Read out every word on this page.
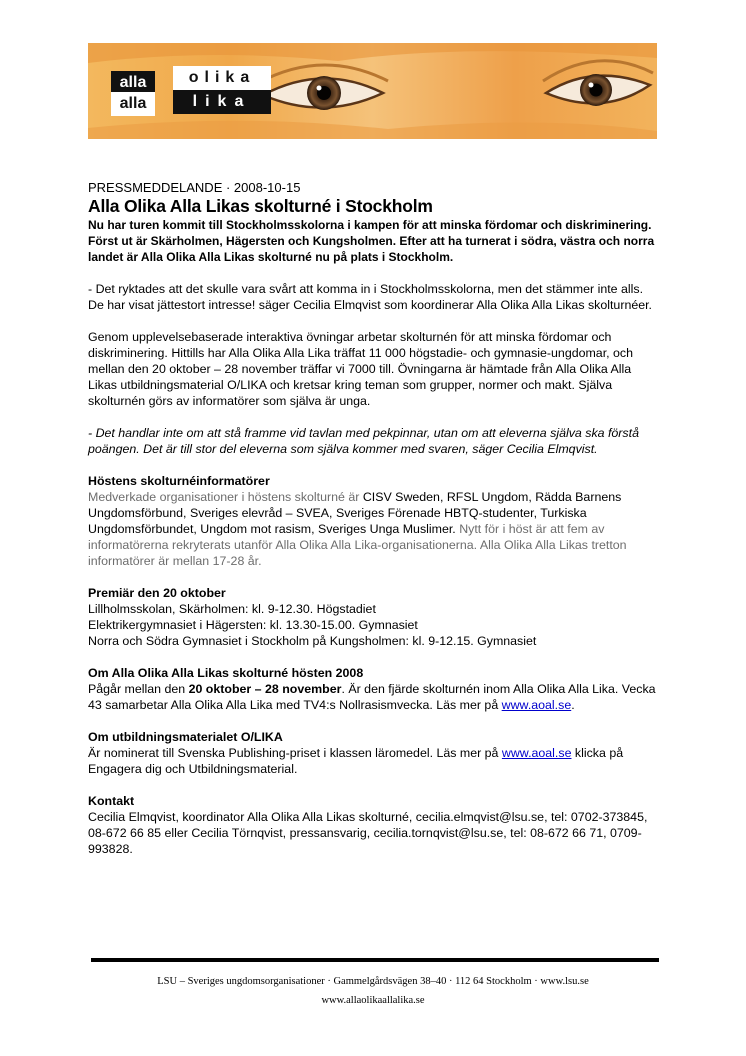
alla	olika
alla	lika

PRESSMEDDELANDE · 2008-10-15

Alla Olika Alla Likas skolturné i Stockholm

Nu har turen kommit till Stockholmsskolorna i kampen för att minska fördomar och diskriminering. Först ut är Skärholmen, Hägersten och Kungsholmen. Efter att ha turnerat i södra, västra och norra landet är Alla Olika Alla Likas skolturné nu på plats i Stockholm.

- Det ryktades att det skulle vara svårt att komma in i Stockholmsskolorna, men det stämmer inte alls. De har visat jättestort intresse! säger Cecilia Elmqvist som koordinerar Alla Olika Alla Likas skolturnéer.

Genom upplevelsebaserade interaktiva övningar arbetar skolturnén för att minska fördomar och diskriminering. Hittills har Alla Olika Alla Lika träffat 11 000 högstadie- och gymnasie-ungdomar, och mellan den 20 oktober – 28 november träffar vi 7000 till. Övningarna är hämtade från Alla Olika Alla Likas utbildningsmaterial O/LIKA och kretsar kring teman som grupper, normer och makt. Själva skolturnén görs av informatörer som själva är unga.

- Det handlar inte om att stå framme vid tavlan med pekpinnar, utan om att eleverna själva ska förstå poängen. Det är till stor del eleverna som själva kommer med svaren, säger Cecilia Elmqvist.

Höstens skolturnéinformatörer

Medverkade organisationer i höstens skolturné är CISV Sweden, RFSL Ungdom, Rädda Barnens Ungdomsförbund, Sveriges elevråd – SVEA, Sveriges Förenade HBTQ-studenter, Turkiska Ungdomsförbundet, Ungdom mot rasism, Sveriges Unga Muslimer. Nytt för i höst är att fem av informatörerna rekryterats utanför Alla Olika Alla Lika-organisationerna. Alla Olika Alla Likas tretton informatörer är mellan 17-28 år.

Premiär den 20 oktober

Lillholmsskolan, Skärholmen: kl. 9-12.30. Högstadiet

Elektrikergymnasiet i Hägersten: kl. 13.30-15.00. Gymnasiet

Norra och Södra Gymnasiet i Stockholm på Kungsholmen: kl. 9-12.15. Gymnasiet

Om Alla Olika Alla Likas skolturné hösten 2008

Pågår mellan den 20 oktober – 28 november. Är den fjärde skolturnén inom Alla Olika Alla Lika. Vecka 43 samarbetar Alla Olika Alla Lika med TV4:s Nollrasismvecka. Läs mer på www.aoal.se.

Om utbildningsmaterialet O/LIKA

Är nominerat till Svenska Publishing-priset i klassen läromedel. Läs mer på www.aoal.se klicka på Engagera dig och Utbildningsmaterial.

Kontakt

Cecilia Elmqvist, koordinator Alla Olika Alla Likas skolturné, cecilia.elmqvist@lsu.se, tel: 0702-373845, 08-672 66 85 eller Cecilia Törnqvist, pressansvarig, cecilia.tornqvist@lsu.se, tel: 08-672 66 71, 0709-993828.

LSU – Sveriges ungdomsorganisationer · Gammelgårdsvägen 38–40 · 112 64 Stockholm · www.lsu.se
www.allaolikaallalika.se
